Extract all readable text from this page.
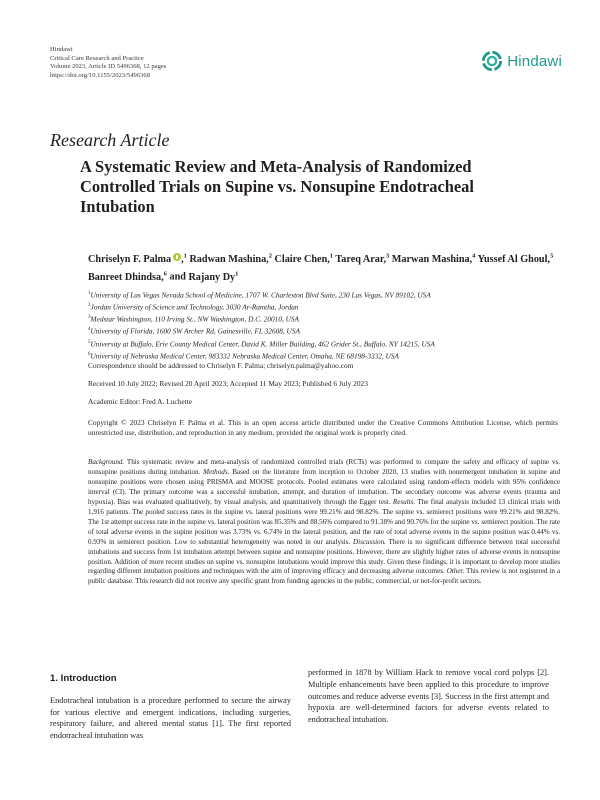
Hindawi
Critical Care Research and Practice
Volume 2023, Article ID 5496368, 12 pages
https://doi.org/10.1155/2023/5496368
Hindawi
Research Article
A Systematic Review and Meta-Analysis of Randomized Controlled Trials on Supine vs. Nonsupine Endotracheal Intubation
Chriselyn F. Palma ,$^1$ Radwan Mashina,$^2$ Claire Chen,$^1$ Tareq Arar,$^3$ Marwan Mashina,$^4$ Yussef Al Ghoul,$^5$ Banreet Dhindsa,$^6$ and Rajany Dy$^1$
$^1$University of Las Vegas Nevada School of Medicine, 1707 W. Charleston Blvd Suite, 230 Las Vegas, NV 89102, USA
$^2$Jordan University of Science and Technology, 3030 Ar-Ramtha, Jordan
$^3$Medstar Washington, 110 Irving St., NW Washington, D.C. 20010, USA
$^4$University of Florida, 1600 SW Archer Rd, Gainesville, FL 32608, USA
$^5$University at Buffalo, Erie County Medical Center, David K. Miller Building, 462 Grider St., Buffalo, NY 14215, USA
$^6$University of Nebraska Medical Center, 983332 Nebraska Medical Center, Omaha, NE 68198-3332, USA
Correspondence should be addressed to Chriselyn F. Palma; chriselyn.palma@yahoo.com
Received 10 July 2022; Revised 20 April 2023; Accepted 11 May 2023; Published 6 July 2023
Academic Editor: Fred A. Luchette
Copyright © 2023 Chriselyn F. Palma et al. This is an open access article distributed under the Creative Commons Attribution License, which permits unrestricted use, distribution, and reproduction in any medium, provided the original work is properly cited.
Background. This systematic review and meta-analysis of randomized controlled trials (RCTs) was performed to compare the safety and efficacy of supine vs. nonsupine positions during intubation. Methods. Based on the literature from inception to October 2020, 13 studies with nonemergent intubation in supine and nonsupine positions were chosen using PRISMA and MOOSE protocols. Pooled estimates were calculated using random-effects models with 95% confidence interval (CI). The primary outcome was a successful intubation, attempt, and duration of intubation. The secondary outcome was adverse events (trauma and hypoxia). Bias was evaluated qualitatively, by visual analysis, and quantitatively through the Egger test. Results. The final analysis included 13 clinical trials with 1,916 patients. The pooled success rates in the supine vs. lateral positions were 99.21% and 98.82%. The supine vs. semierect positions were 99.21% and 98.82%. The 1st attempt success rate in the supine vs. lateral position was 85.35% and 88.56% compared to 91.38% and 90.76% for the supine vs. semierect position. The rate of total adverse events in the supine position was 3.73% vs. 6.74% in the lateral position, and the rate of total adverse events in the supine position was 0.44% vs. 0.93% in semierect position. Low to substantial heterogeneity was noted in our analysis. Discussion. There is no significant difference between total successful intubations and success from 1st intubation attempt between supine and nonsupine positions. However, there are slightly higher rates of adverse events in nonsupine position. Addition of more recent studies on supine vs. nonsupine intubations would improve this study. Given these findings, it is important to develop more studies regarding different intubation positions and techniques with the aim of improving efficacy and decreasing adverse outcomes. Other. This review is not registered in a public database. This research did not receive any specific grant from funding agencies in the public, commercial, or not-for-profit sectors.
1. Introduction
Endotracheal intubation is a procedure performed to secure the airway for various elective and emergent indications, including surgeries, respiratory failure, and altered mental status [1]. The first reported endotracheal intubation was
performed in 1878 by William Hack to remove vocal cord polyps [2]. Multiple enhancements have been applied to this procedure to improve outcomes and reduce adverse events [3]. Success in the first attempt and hypoxia are well-determined factors for adverse events related to endotracheal intubation.
